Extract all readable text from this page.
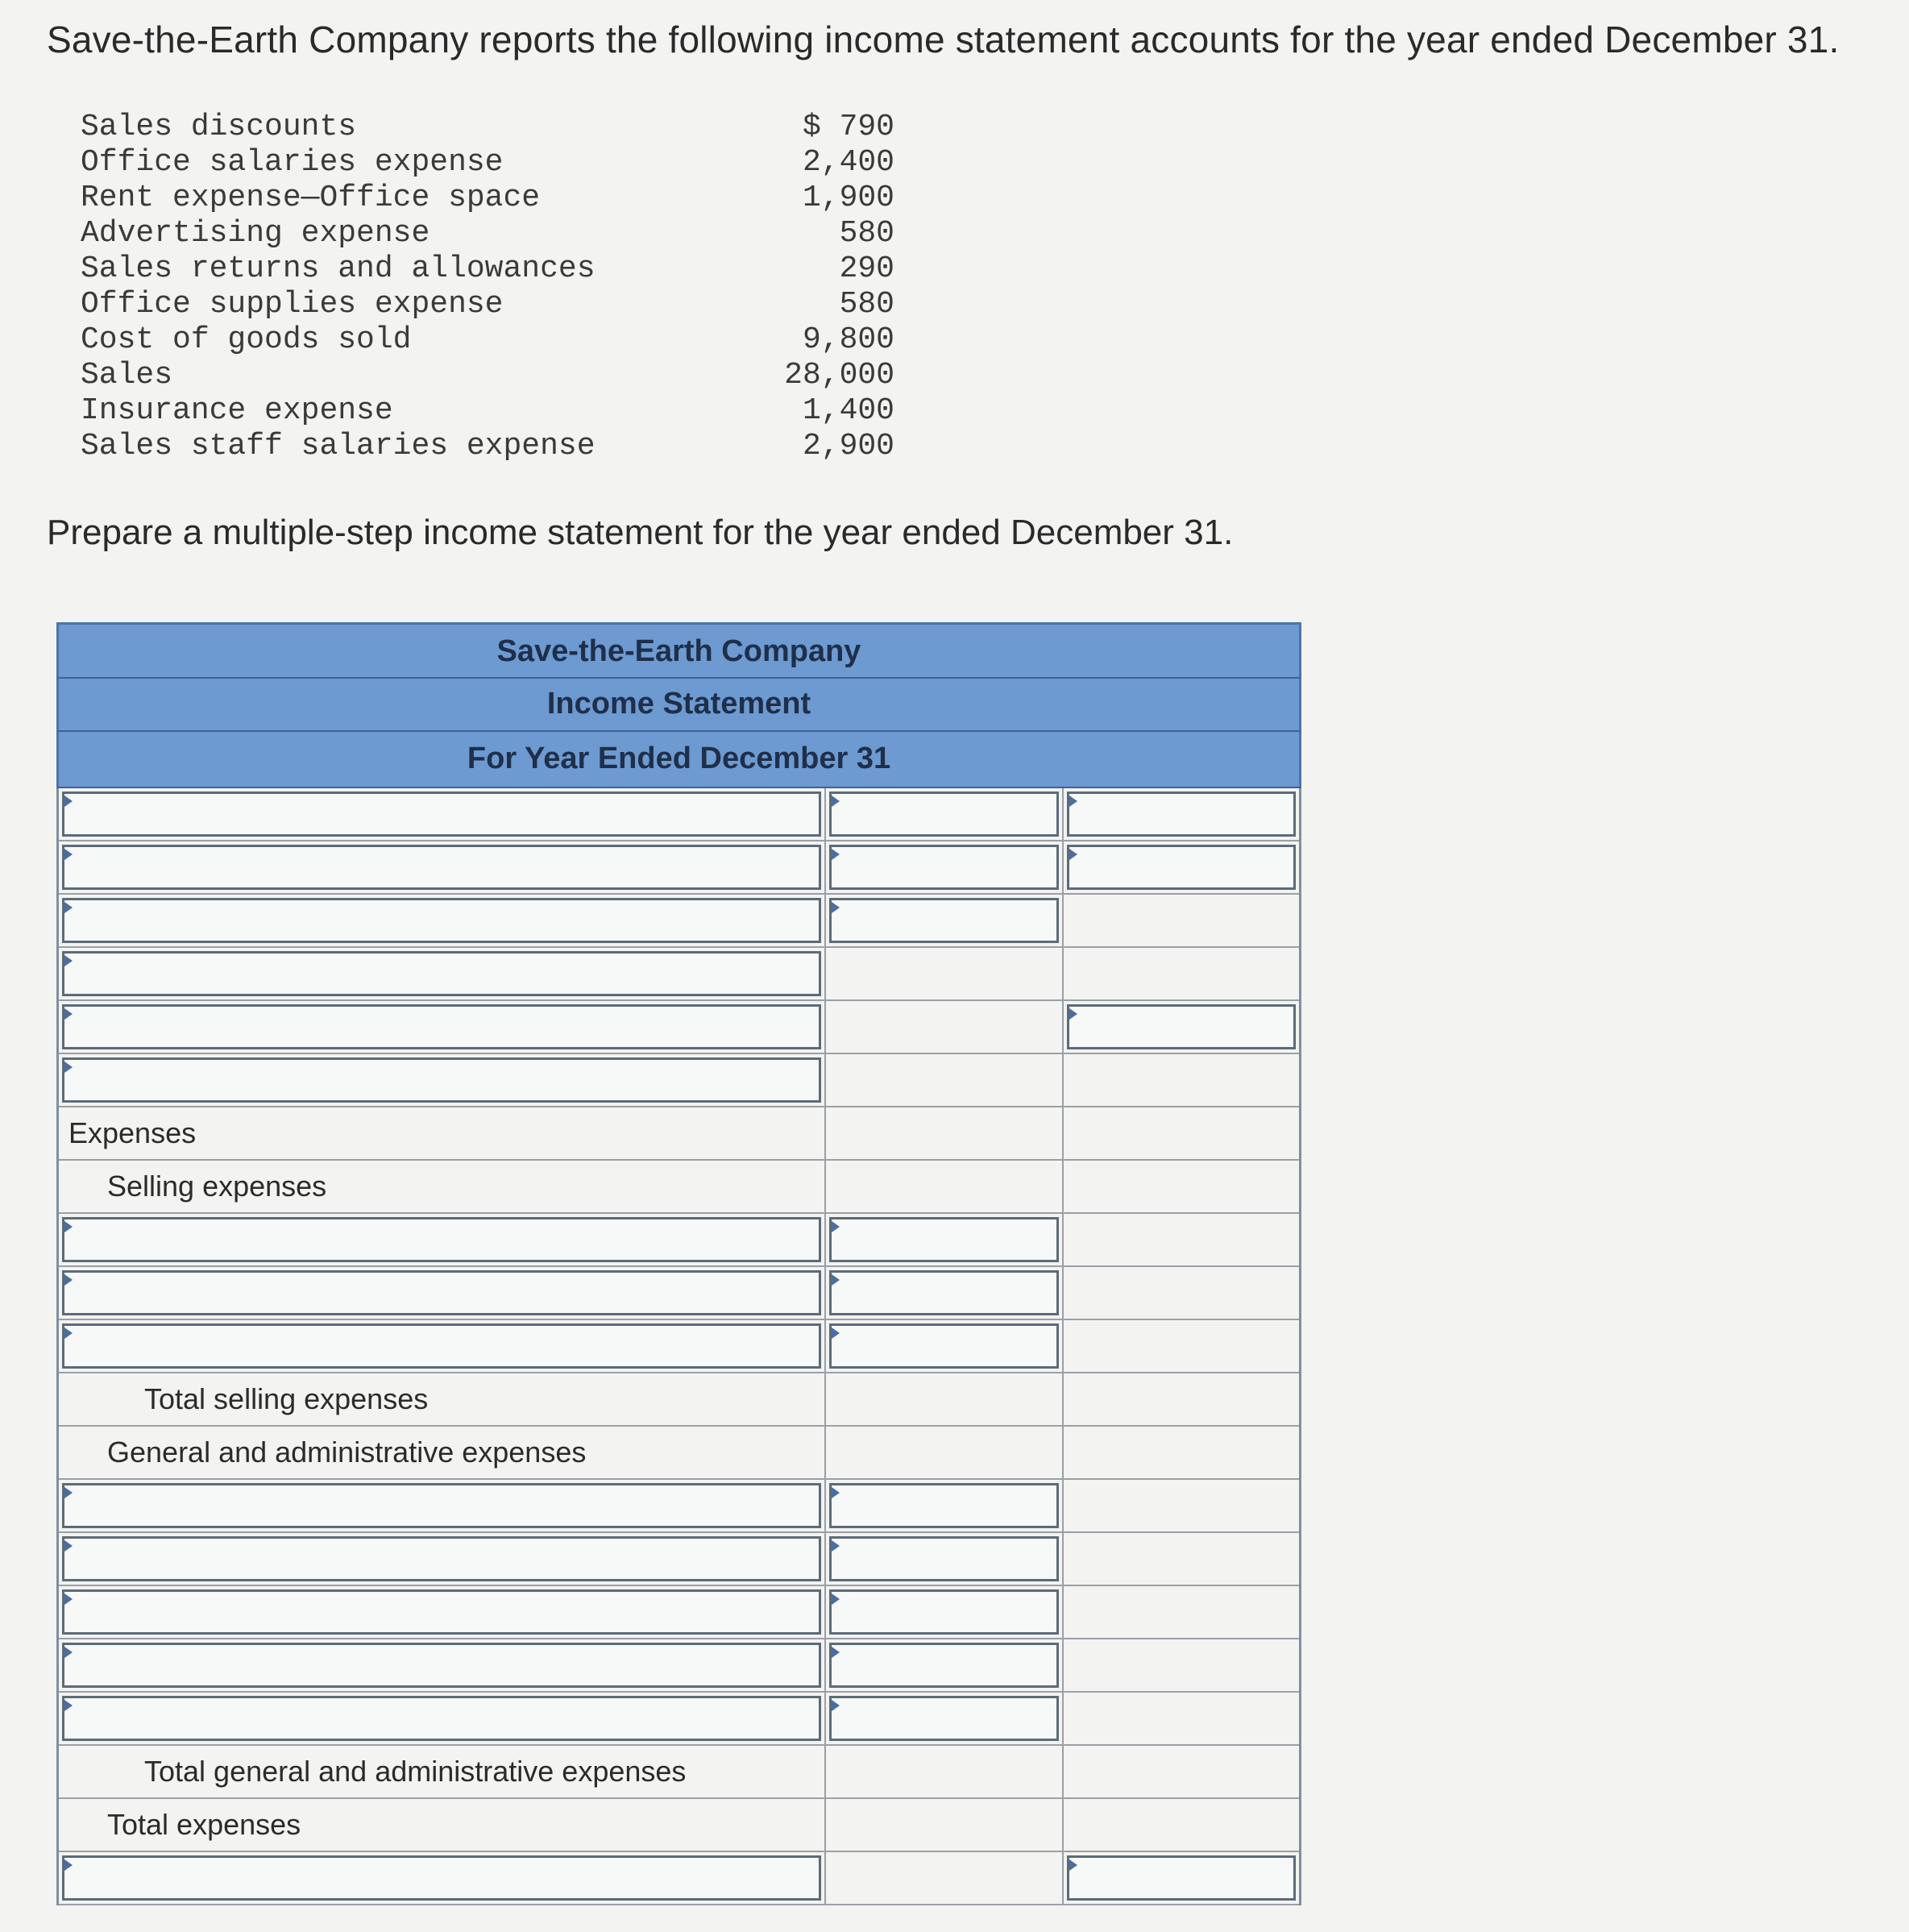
Save-the-Earth Company reports the following income statement accounts for the year ended December 31.
Sales discounts	$ 790
Office salaries expense	2,400
Rent expense—Office space	1,900
Advertising expense	580
Sales returns and allowances	290
Office supplies expense	580
Cost of goods sold	9,800
Sales	28,000
Insurance expense	1,400
Sales staff salaries expense	2,900
Prepare a multiple-step income statement for the year ended December 31.
Save-the-Earth Company
Income Statement
For Year Ended December 31
Expenses
Selling expenses
Total selling expenses
General and administrative expenses
Total general and administrative expenses
Total expenses
